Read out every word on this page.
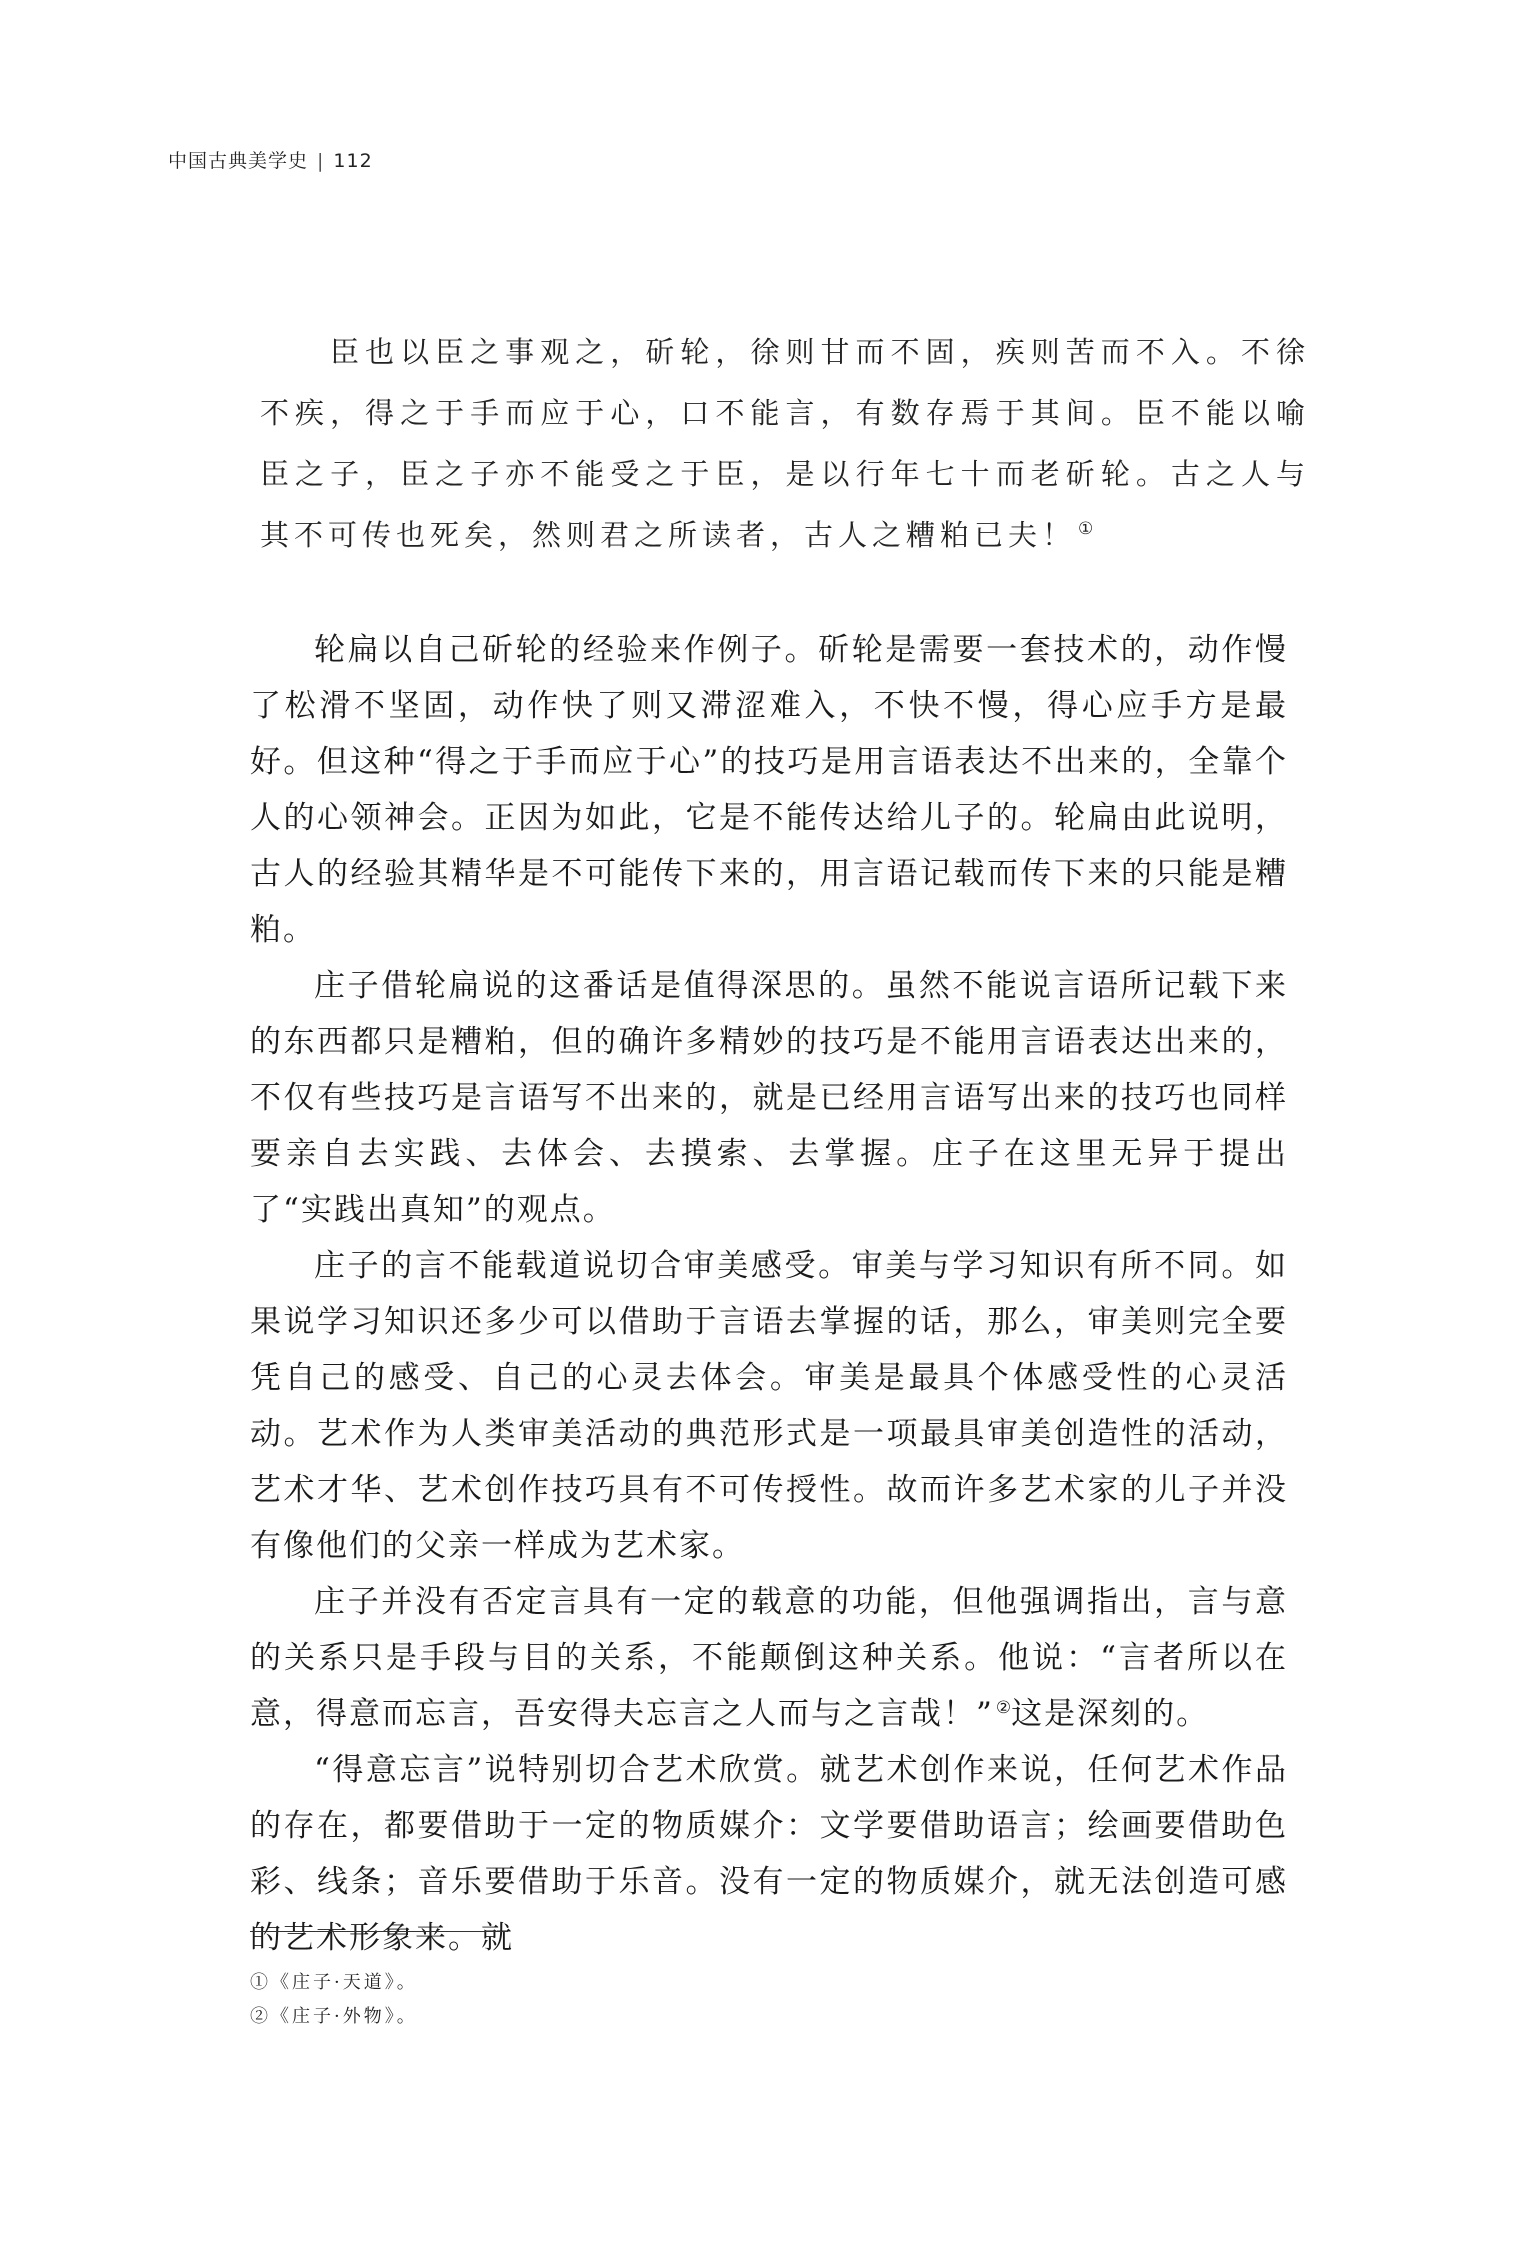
中国古典美学史 | 112

臣也以臣之事观之，斫轮，徐则甘而不固，疾则苦而不入。不徐不疾，得之于手而应于心，口不能言，有数存焉于其间。臣不能以喻臣之子，臣之子亦不能受之于臣，是以行年七十而老斫轮。古之人与其不可传也死矣，然则君之所读者，古人之糟粕已夫！ ①

轮扁以自己斫轮的经验来作例子。斫轮是需要一套技术的，动作慢了松滑不坚固，动作快了则又滞涩难入，不快不慢，得心应手方是最好。但这种“得之于手而应于心”的技巧是用言语表达不出来的，全靠个人的心领神会。正因为如此，它是不能传达给儿子的。轮扁由此说明，古人的经验其精华是不可能传下来的，用言语记载而传下来的只能是糟粕。

庄子借轮扁说的这番话是值得深思的。虽然不能说言语所记载下来的东西都只是糟粕，但的确许多精妙的技巧是不能用言语表达出来的，不仅有些技巧是言语写不出来的，就是已经用言语写出来的技巧也同样要亲自去实践、去体会、去摸索、去掌握。庄子在这里无异于提出了“实践出真知”的观点。

庄子的言不能载道说切合审美感受。审美与学习知识有所不同。如果说学习知识还多少可以借助于言语去掌握的话，那么，审美则完全要凭自己的感受、自己的心灵去体会。审美是最具个体感受性的心灵活动。艺术作为人类审美活动的典范形式是一项最具审美创造性的活动，艺术才华、艺术创作技巧具有不可传授性。故而许多艺术家的儿子并没有像他们的父亲一样成为艺术家。

庄子并没有否定言具有一定的载意的功能，但他强调指出，言与意的关系只是手段与目的关系，不能颠倒这种关系。他说：“言者所以在意，得意而忘言，吾安得夫忘言之人而与之言哉！” ②这是深刻的。

“得意忘言”说特别切合艺术欣赏。就艺术创作来说，任何艺术作品的存在，都要借助于一定的物质媒介：文学要借助语言；绘画要借助色彩、线条；音乐要借助于乐音。没有一定的物质媒介，就无法创造可感的艺术形象来。就

①《庄子·天道》。
②《庄子·外物》。
